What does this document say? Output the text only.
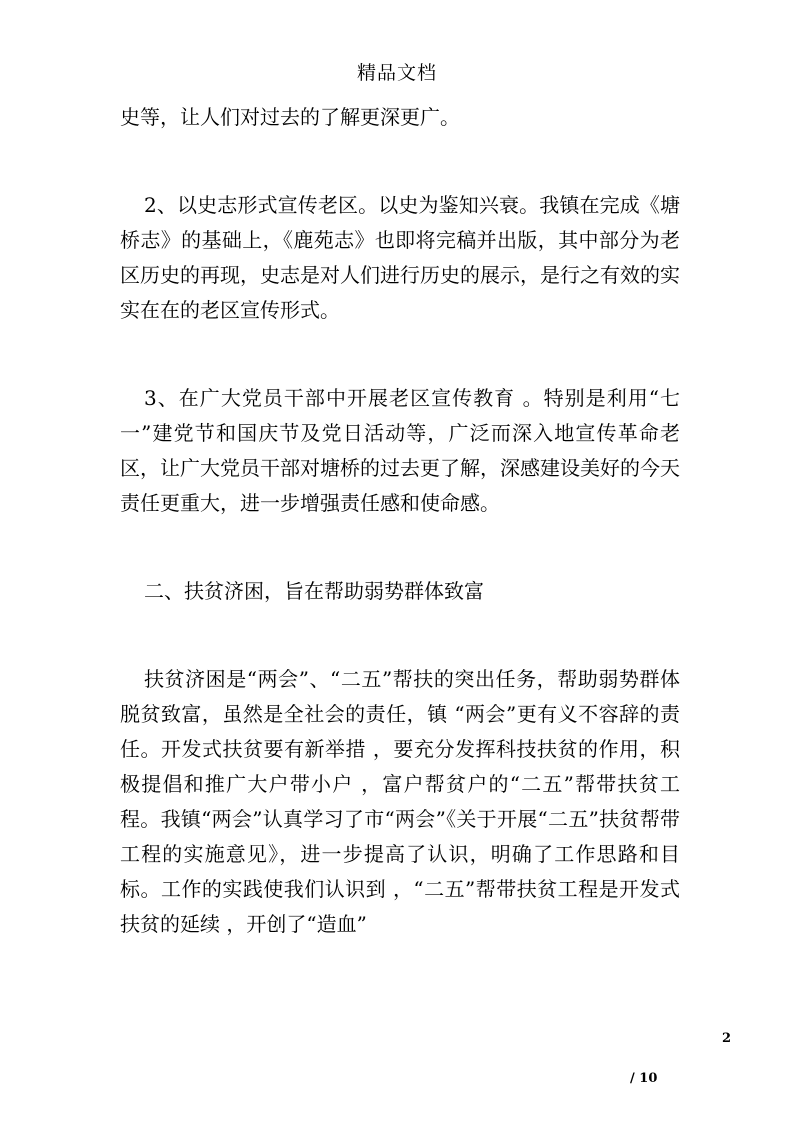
精品文档

史等，让人们对过去的了解更深更广。

2、以史志形式宣传老区。以史为鉴知兴衰。我镇在完成《塘桥志》的基础上，《鹿苑志》也即将完稿并出版，其中部分为老区历史的再现，史志是对人们进行历史的展示，是行之有效的实实在在的老区宣传形式。

3、在广大党员干部中开展老区宣传教育 。特别是利用“七一”建党节和国庆节及党日活动等，广泛而深入地宣传革命老区，让广大党员干部对塘桥的过去更了解，深感建设美好的今天责任更重大，进一步增强责任感和使命感。

二、扶贫济困，旨在帮助弱势群体致富

扶贫济困是“两会”、“二五”帮扶的突出任务，帮助弱势群体脱贫致富，虽然是全社会的责任，镇 “两会”更有义不容辞的责任。开发式扶贫要有新举措 ，要充分发挥科技扶贫的作用，积极提倡和推广大户带小户 ，富户帮贫户的“二五”帮带扶贫工程。我镇“两会”认真学习了市“两会”《关于开展“二五”扶贫帮带工程的实施意见》，进一步提高了认识，明确了工作思路和目标。工作的实践使我们认识到 ，“二五”帮带扶贫工程是开发式扶贫的延续 ，开创了“造血”

2
/ 10
